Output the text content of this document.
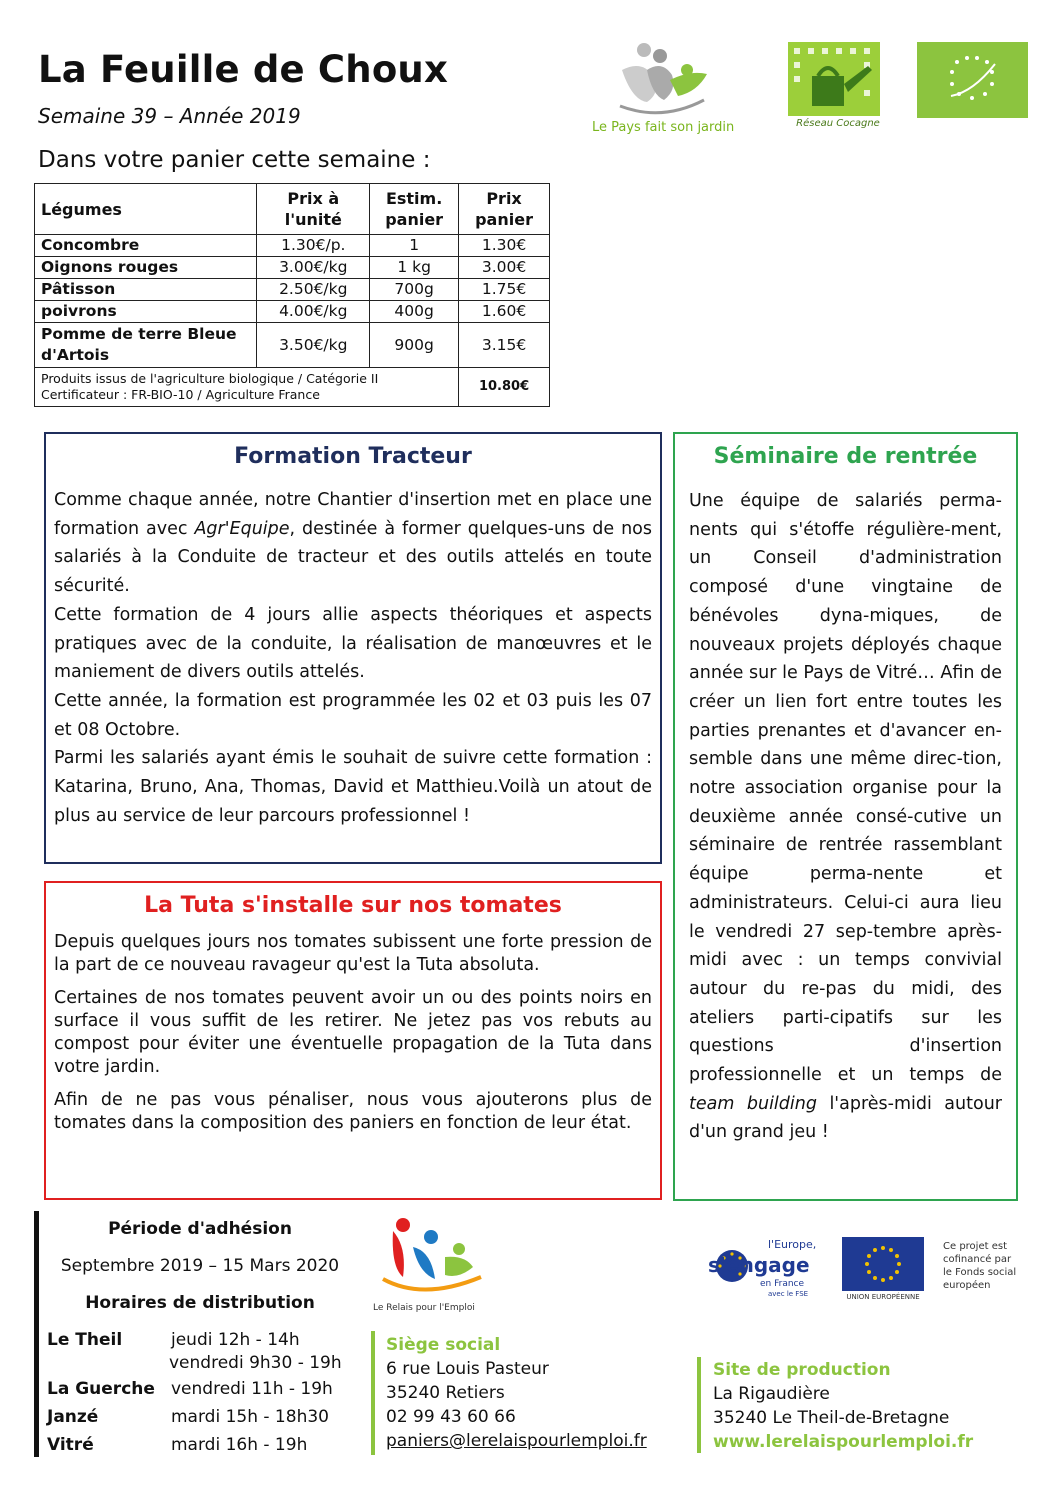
La Feuille de Choux
Semaine 39 – Année 2019
Dans votre panier cette semaine :
Le Pays fait son jardin	Réseau Cocagne
Légumes	Prix à l'unité	Estim. panier	Prix panier
Concombre	1.30€/p.	1	1.30€
Oignons rouges	3.00€/kg	1 kg	3.00€
Pâtisson	2.50€/kg	700g	1.75€
poivrons	4.00€/kg	400g	1.60€
Pomme de terre Bleue d'Artois	3.50€/kg	900g	3.15€

Produits issus de l'agriculture biologique / Catégorie II
Certificateur : FR-BIO-10 / Agriculture France			10.80€
Formation Tracteur

Comme chaque année, notre Chantier d'insertion met en place une formation avec Agr'Equipe, destinée à former quelques-uns de nos salariés à la Conduite de tracteur et des outils attelés en toute sécurité.

Cette formation de 4 jours allie aspects théoriques et aspects pratiques avec de la conduite, la réalisation de manœuvres et le maniement de divers outils attelés.

Cette année, la formation est programmée les 02 et 03 puis les 07 et 08 Octobre.

Parmi les salariés ayant émis le souhait de suivre cette formation : Katarina, Bruno, Ana, Thomas, David et Matthieu.Voilà un atout de plus au service de leur parcours professionnel !

La Tuta s'installe sur nos tomates

Depuis quelques jours nos tomates subissent une forte pression de la part de ce nouveau ravageur qu'est la Tuta absoluta.

Certaines de nos tomates peuvent avoir un ou des points noirs en surface il vous suffit de les retirer. Ne jetez pas vos rebuts au compost pour éviter une éventuelle propagation de la Tuta dans votre jardin.

Afin de ne pas vous pénaliser, nous vous ajouterons plus de tomates dans la composition des paniers en fonction de leur état.

Séminaire de rentrée

Une équipe de salariés perma-nents qui s'étoffe régulière-ment, un Conseil d'administration composé d'une vingtaine de bénévoles dyna-miques, de nouveaux projets déployés chaque année sur le Pays de Vitré… Afin de créer un lien fort entre toutes les parties prenantes et d'avancer en-semble dans une même direc-tion, notre association organise pour la deuxième année consé-cutive un séminaire de rentrée rassemblant équipe perma-nente et administrateurs. Celui-ci aura lieu le vendredi 27 sep-tembre après-midi avec : un temps convivial autour du re-pas du midi, des ateliers parti-cipatifs sur les questions d'insertion professionnelle et un temps de team building l'après-midi autour d'un grand jeu !

Période d'adhésion
Septembre 2019 – 15 Mars 2020
Horaires de distribution
Le Theil	jeudi 12h - 14h
vendredi 9h30 - 19h
La Guerche vendredi 11h - 19h
Janzé	mardi 15h - 18h30
Vitré	mardi 16h - 19h
Le Relais pour l'Emploi
Siège social
6 rue Louis Pasteur
35240 Retiers
02 99 43 60 66
paniers@lerelaispourlemploi.fr
l'Europe,
s'engage
en France
avec le FSE	UNION EUROPÉENNE
Ce projet est cofinancé par le Fonds social européen
Site de production
La Rigaudière
35240 Le Theil-de-Bretagne
www.lerelaispourlemploi.fr
